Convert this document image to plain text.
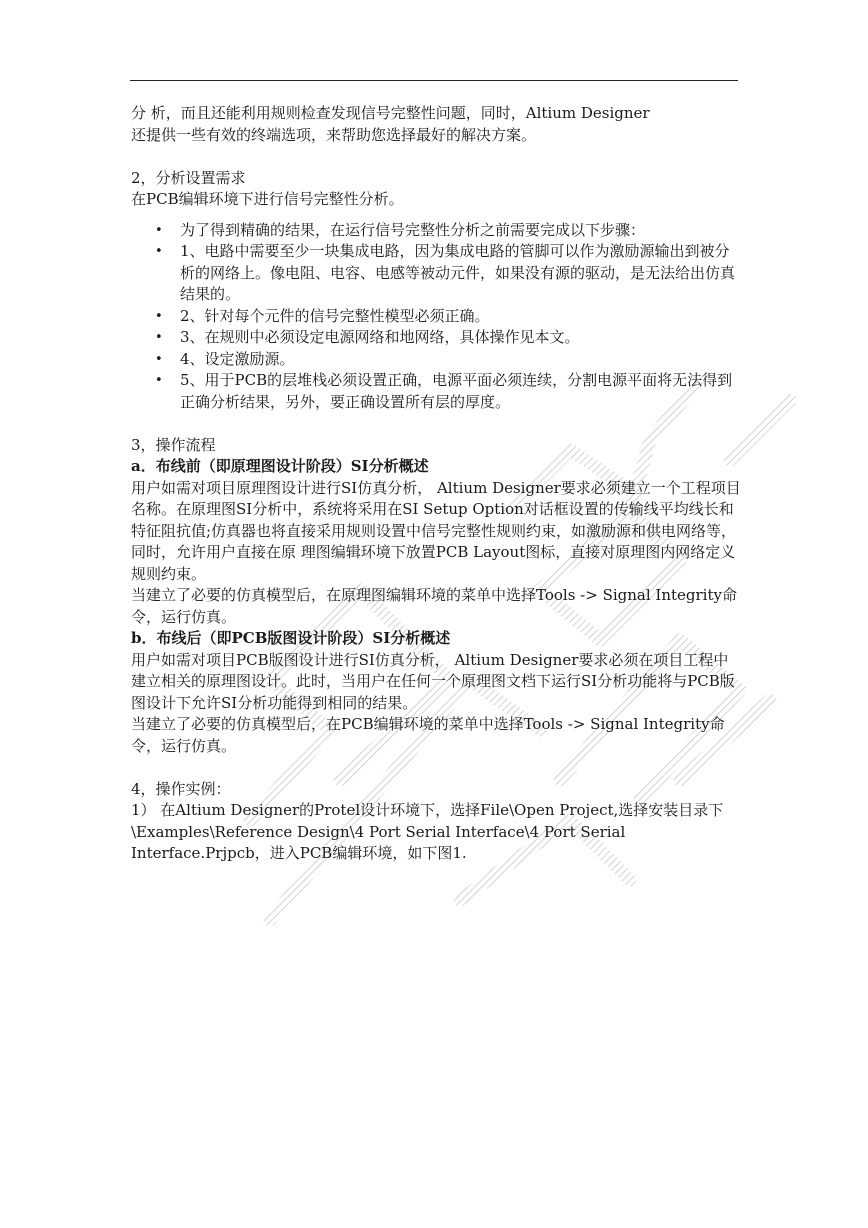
分 析，而且还能利用规则检查发现信号完整性问题，同时，Altium Designer

还提供一些有效的终端选项，来帮助您选择最好的解决方案。

2，分析设置需求

在PCB编辑环境下进行信号完整性分析。

• 为了得到精确的结果，在运行信号完整性分析之前需要完成以下步骤：
• 1、电路中需要至少一块集成电路，因为集成电路的管脚可以作为激励源输出到被分析的网络上。像电阻、电容、电感等被动元件，如果没有源的驱动，是无法给出仿真结果的。
• 2、针对每个元件的信号完整性模型必须正确。
• 3、在规则中必须设定电源网络和地网络，具体操作见本文。
• 4、设定激励源。
• 5、用于PCB的层堆栈必须设置正确，电源平面必须连续，分割电源平面将无法得到正确分析结果，另外，要正确设置所有层的厚度。

3，操作流程

a．布线前（即原理图设计阶段）SI分析概述

用户如需对项目原理图设计进行SI仿真分析， Altium Designer要求必须建立一个工程项目名称。在原理图SI分析中，系统将采用在SI Setup Option对话框设置的传输线平均线长和特征阻抗值;仿真器也将直接采用规则设置中信号完整性规则约束，如激励源和供电网络等，同时，允许用户直接在原 理图编辑环境下放置PCB Layout图标，直接对原理图内网络定义规则约束。

当建立了必要的仿真模型后，在原理图编辑环境的菜单中选择Tools -> Signal Integrity命令，运行仿真。

b．布线后（即PCB版图设计阶段）SI分析概述

用户如需对项目PCB版图设计进行SI仿真分析， Altium Designer要求必须在项目工程中建立相关的原理图设计。此时，当用户在任何一个原理图文档下运行SI分析功能将与PCB版图设计下允许SI分析功能得到相同的结果。

当建立了必要的仿真模型后，在PCB编辑环境的菜单中选择Tools -> Signal Integrity命令，运行仿真。

4，操作实例：

1） 在Altium Designer的Protel设计环境下，选择File\Open Project,选择安装目录下 \Examples\Reference Design\4 Port Serial Interface\4 Port Serial Interface.Prjpcb，进入PCB编辑环境，如下图1.
